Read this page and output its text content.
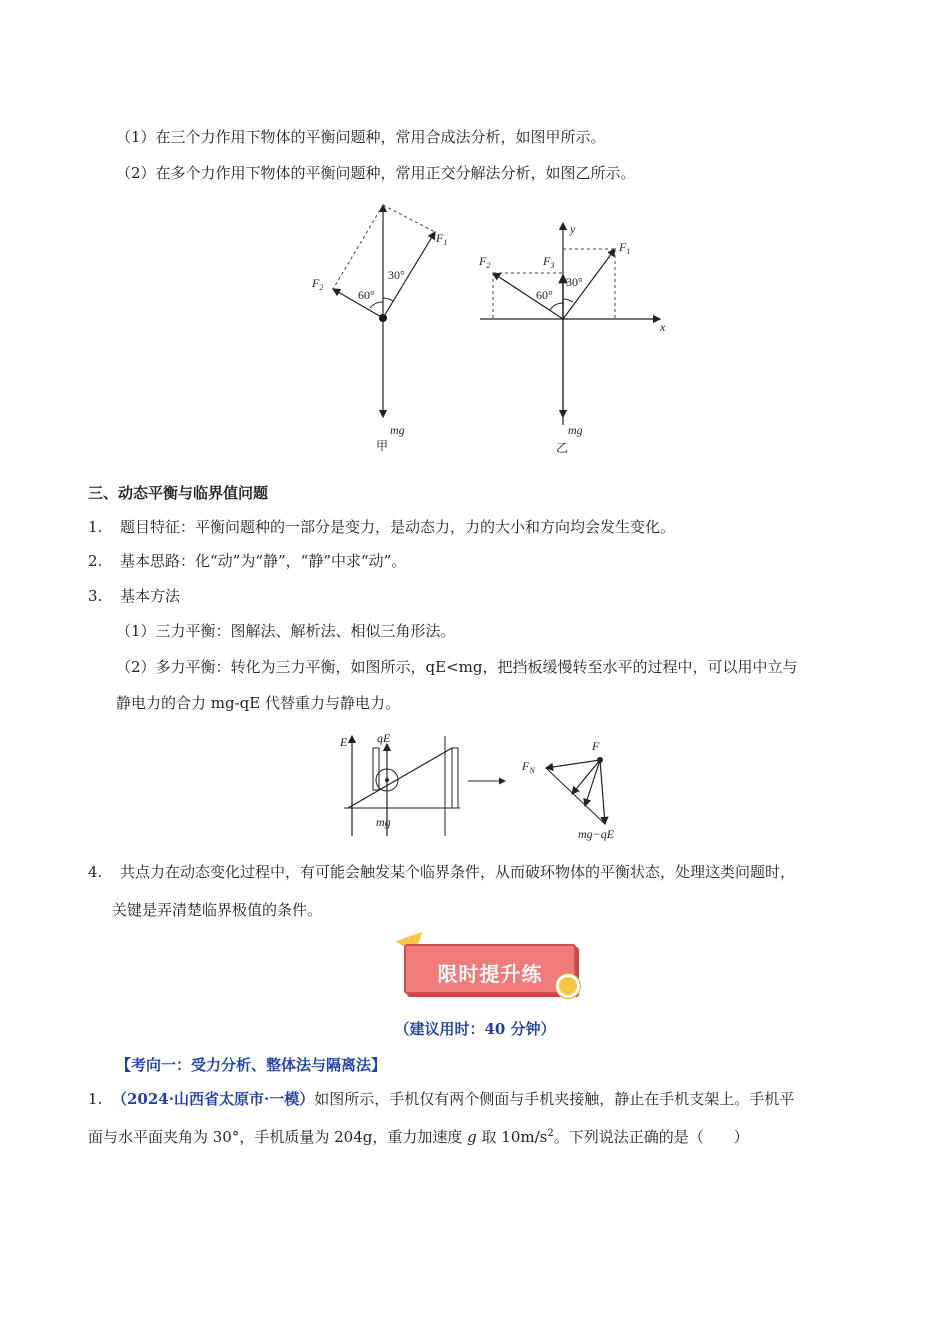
（1）在三个力作用下物体的平衡问题种，常用合成法分析，如图甲所示。
（2）在多个力作用下物体的平衡问题种，常用正交分解法分析，如图乙所示。
$F_1$
$F_2$
60°
30°
mg
甲
y
x
$F_1$
$F_2$	$F_3$
60°
30°
mg
乙
三、动态平衡与临界值问题
1. 题目特征：平衡问题种的一部分是变力，是动态力，力的大小和方向均会发生变化。
2. 基本思路：化“动”为“静”，“静”中求“动”。
3. 基本方法
（1）三力平衡：图解法、解析法、相似三角形法。
（2）多力平衡：转化为三力平衡，如图所示，qE<mg，把挡板缓慢转至水平的过程中，可以用中立与
静电力的合力 mg-qE 代替重力与静电力。
E qE
mg
F
$F_N$
mg−qE
4. 共点力在动态变化过程中，有可能会触发某个临界条件，从而破环物体的平衡状态，处理这类问题时，
关键是弄清楚临界极值的条件。
限时提升练
（建议用时：40 分钟）
【考向一：受力分析、整体法与隔离法】
1. （2024·山西省太原市·一模）如图所示，手机仅有两个侧面与手机夹接触，静止在手机支架上。手机平
面与水平面夹角为 30°，手机质量为 204g，重力加速度 g 取 $10m/s^2$。下列说法正确的是（　　）
